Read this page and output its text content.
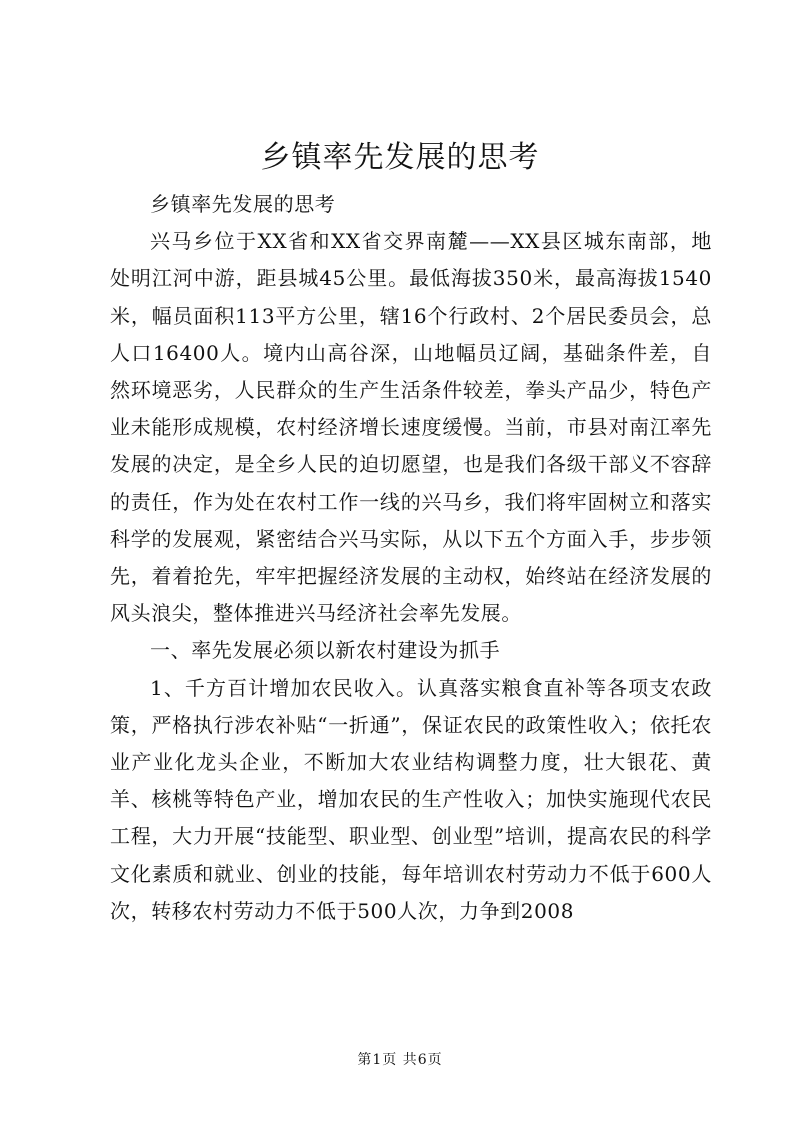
乡镇率先发展的思考

乡镇率先发展的思考

兴马乡位于XX省和XX省交界南麓——XX县区城东南部，地处明江河中游，距县城45公里。最低海拔350米，最高海拔1540米，幅员面积113平方公里，辖16个行政村、2个居民委员会，总人口16400人。境内山高谷深，山地幅员辽阔，基础条件差，自然环境恶劣，人民群众的生产生活条件较差，拳头产品少，特色产业未能形成规模，农村经济增长速度缓慢。当前，市县对南江率先发展的决定，是全乡人民的迫切愿望，也是我们各级干部义不容辞的责任，作为处在农村工作一线的兴马乡，我们将牢固树立和落实科学的发展观，紧密结合兴马实际，从以下五个方面入手，步步领先，着着抢先，牢牢把握经济发展的主动权，始终站在经济发展的风头浪尖，整体推进兴马经济社会率先发展。

一、率先发展必须以新农村建设为抓手

1、千方百计增加农民收入。认真落实粮食直补等各项支农政策，严格执行涉农补贴“一折通”，保证农民的政策性收入；依托农业产业化龙头企业，不断加大农业结构调整力度，壮大银花、黄羊、核桃等特色产业，增加农民的生产性收入；加快实施现代农民工程，大力开展“技能型、职业型、创业型”培训，提高农民的科学文化素质和就业、创业的技能，每年培训农村劳动力不低于600人次，转移农村劳动力不低于500人次，力争到2008

第1页 共6页
